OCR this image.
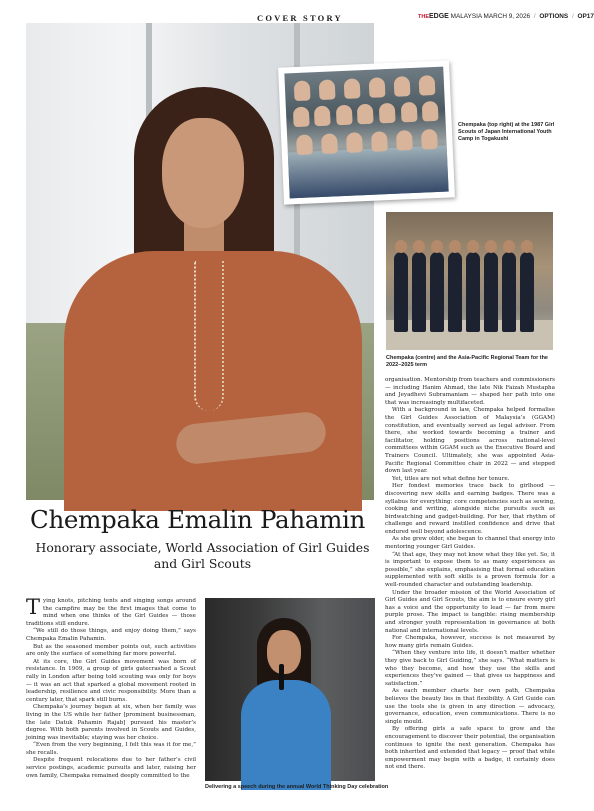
COVER STORY	THEEDGE MALAYSIA MARCH 9, 2026 / OPTIONS / OP17
Chempaka (top right) at the 1987 Girl Scouts of Japan International Youth Camp in Togakushi
Chempaka (centre) and the Asia-Pacific Regional Team for the 2022–2025 term
Chempaka Emalin Pahamin
Honorary associate, World Association of Girl Guides and Girl Scouts

Tying knots, pitching tents and singing songs around the campfire may be the first images that come to mind when one thinks of the Girl Guides — those traditions still endure.

“We still do those things, and enjoy doing them,” says Chempaka Emalin Pahamin.

But as the seasoned member points out, such activities are only the surface of something far more powerful.

At its core, the Girl Guides movement was born of resistance. In 1909, a group of girls gatecrashed a Scout rally in London after being told scouting was only for boys — it was an act that sparked a global movement rooted in leadership, resilience and civic responsibility. More than a century later, that spark still burns.

Chempaka’s journey began at six, when her family was living in the US while her father [prominent businessman, the late Datuk Pahamin Rajab] pursued his master’s degree. With both parents involved in Scouts and Guides, joining was inevitable; staying was her choice.

“Even from the very beginning, I felt this was it for me,” she recalls.

Despite frequent relocations due to her father’s civil service postings, academic pursuits and later, raising her own family, Chempaka remained deeply committed to the

Delivering a speech during the annual World Thinking Day celebration

organisation. Mentorship from teachers and commissioners — including Hanim Ahmad, the late Nik Faizah Mustapha and Jeyadhevi Subramaniam — shaped her path into one that was increasingly multifaceted.

With a background in law, Chempaka helped formalise the Girl Guides Association of Malaysia’s (GGAM) constitution, and eventually served as legal adviser. From there, she worked towards becoming a trainer and facilitator, holding positions across national-level committees within GGAM such as the Executive Board and Trainers Council. Ultimately, she was appointed Asia-Pacific Regional Committee chair in 2022 — and stepped down last year.

Yet, titles are not what define her tenure.

Her fondest memories trace back to girlhood — discovering new skills and earning badges. There was a syllabus for everything: core competencies such as sewing, cooking and writing, alongside niche pursuits such as birdwatching and gadget-building. For her, that rhythm of challenge and reward instilled confidence and drive that endured well beyond adolescence.

As she grew older, she began to channel that energy into mentoring younger Girl Guides.

“At that age, they may not know what they like yet. So, it is important to expose them to as many experiences as possible,” she explains, emphasising that formal education supplemented with soft skills is a proven formula for a well-rounded character and outstanding leadership.

Under the broader mission of the World Association of Girl Guides and Girl Scouts, the aim is to ensure every girl has a voice and the opportunity to lead — far from mere purple prose. The impact is tangible: rising membership and stronger youth representation in governance at both national and international levels.

For Chempaka, however, success is not measured by how many girls remain Guides.

“When they venture into life, it doesn’t matter whether they give back to Girl Guiding,” she says. “What matters is who they become, and how they use the skills and experiences they’ve gained — that gives us happiness and satisfaction.”

As each member charts her own path, Chempaka believes the beauty lies in that flexibility. A Girl Guide can use the tools she is given in any direction — advocacy, governance, education, even communications. There is no single mould.

By offering girls a safe space to grow and the encouragement to discover their potential, the organisation continues to ignite the next generation. Chempaka has both inherited and extended that legacy — proof that while empowerment may begin with a badge, it certainly does not end there.
